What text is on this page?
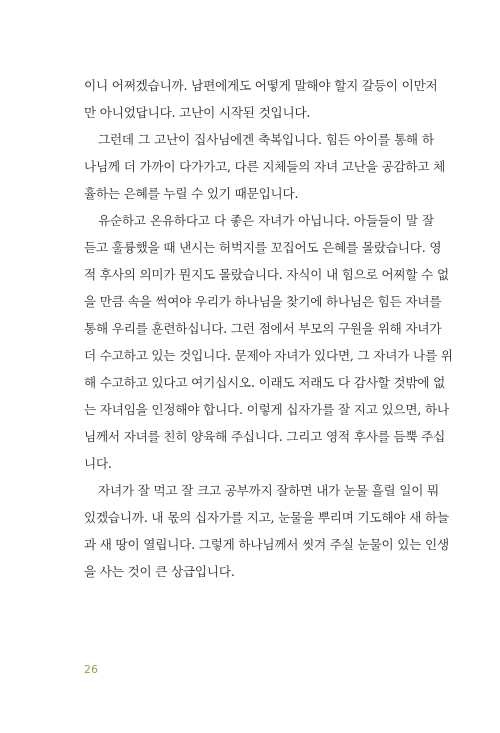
이니 어쩌겠습니까. 남편에게도 어떻게 말해야 할지 갈등이 이만저

만 아니었답니다. 고난이 시작된 것입니다.

그런데 그 고난이 집사님에겐 축복입니다. 힘든 아이를 통해 하

나님께 더 가까이 다가가고, 다른 지체들의 자녀 고난을 공감하고 체

휼하는 은혜를 누릴 수 있기 때문입니다.

유순하고 온유하다고 다 좋은 자녀가 아닙니다. 아들들이 말 잘

듣고 훌륭했을 때 낸시는 허벅지를 꼬집어도 은혜를 몰랐습니다. 영

적 후사의 의미가 뭔지도 몰랐습니다. 자식이 내 힘으로 어찌할 수 없

을 만큼 속을 썩여야 우리가 하나님을 찾기에 하나님은 힘든 자녀를

통해 우리를 훈련하십니다. 그런 점에서 부모의 구원을 위해 자녀가

더 수고하고 있는 것입니다. 문제아 자녀가 있다면, 그 자녀가 나를 위

해 수고하고 있다고 여기십시오. 이래도 저래도 다 감사할 것밖에 없

는 자녀임을 인정해야 합니다. 이렇게 십자가를 잘 지고 있으면, 하나

님께서 자녀를 친히 양육해 주십니다. 그리고 영적 후사를 듬뿍 주십

니다.

자녀가 잘 먹고 잘 크고 공부까지 잘하면 내가 눈물 흘릴 일이 뭐

있겠습니까. 내 몫의 십자가를 지고, 눈물을 뿌리며 기도해야 새 하늘

과 새 땅이 열립니다. 그렇게 하나님께서 씻겨 주실 눈물이 있는 인생

을 사는 것이 큰 상급입니다.

26
